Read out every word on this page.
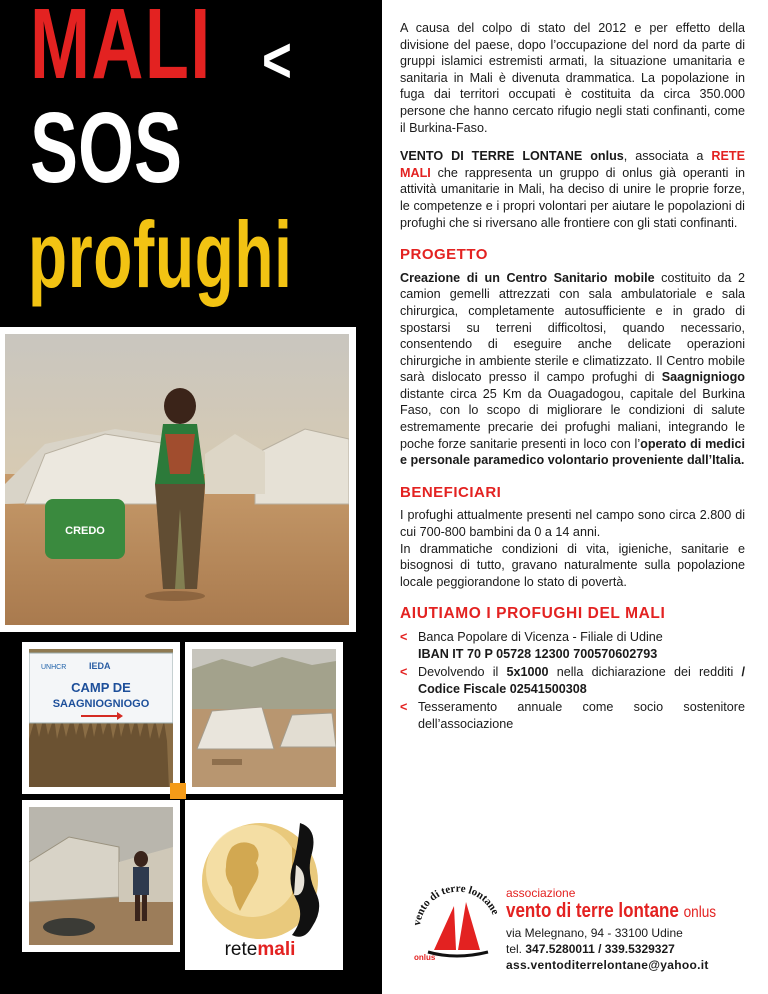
MALI <
SOS
profughi
CREDO
UNHCR	IEDA
CAMP DE
SAAGNIOGNIOGO
retemali

A causa del colpo di stato del 2012 e per effetto della divisione del paese, dopo l’occupazione del nord da parte di gruppi islamici estremisti armati, la situazione umanitaria e sanitaria in Mali è divenuta drammatica. La popolazione in fuga dai territori occupati è costituita da circa 350.000 persone che hanno cercato rifugio negli stati confinanti, come il Burkina-Faso.

VENTO DI TERRE LONTANE onlus, associata a RETE MALI che rappresenta un gruppo di onlus già operanti in attività umanitarie in Mali, ha deciso di unire le proprie forze, le competenze e i propri volontari per aiutare le popolazioni di profughi che si riversano alle frontiere con gli stati confinanti.

PROGETTO

Creazione di un Centro Sanitario mobile costituito da 2 camion gemelli attrezzati con sala ambulatoriale e sala chirurgica, completamente autosufficiente e in grado di spostarsi su terreni difficoltosi, quando necessario, consentendo di eseguire anche delicate operazioni chirurgiche in ambiente sterile e climatizzato. Il Centro mobile sarà dislocato presso il campo profughi di Saagnigniogo distante circa 25 Km da Ouagadogou, capitale del Burkina Faso, con lo scopo di migliorare le condizioni di salute estremamente precarie dei profughi maliani, integrando le poche forze sanitarie presenti in loco con l’operato di medici e personale paramedico volontario proveniente dall’Italia.

BENEFICIARI

I profughi attualmente presenti nel campo sono circa 2.800 di cui 700-800 bambini da 0 a 14 anni.

In drammatiche condizioni di vita, igieniche, sanitarie e bisognosi di tutto, gravano naturalmente sulla popolazione locale peggiorandone lo stato di povertà.

AIUTIAMO I PROFUGHI DEL MALI
< Banca Popolare di Vicenza - Filiale di Udine
IBAN IT 70 P 05728 12300 700570602793
< Devolvendo il 5x1000 nella dichiarazione dei redditi / Codice Fiscale 02541500308
< Tesseramento annuale come socio sostenitore dell’associazione
vento di terre lontane
onlus
associazione
vento di terre lontane onlus
via Melegnano, 94 - 33100 Udine
tel. 347.5280011 / 339.5329327
ass.ventoditerrelontane@yahoo.it
